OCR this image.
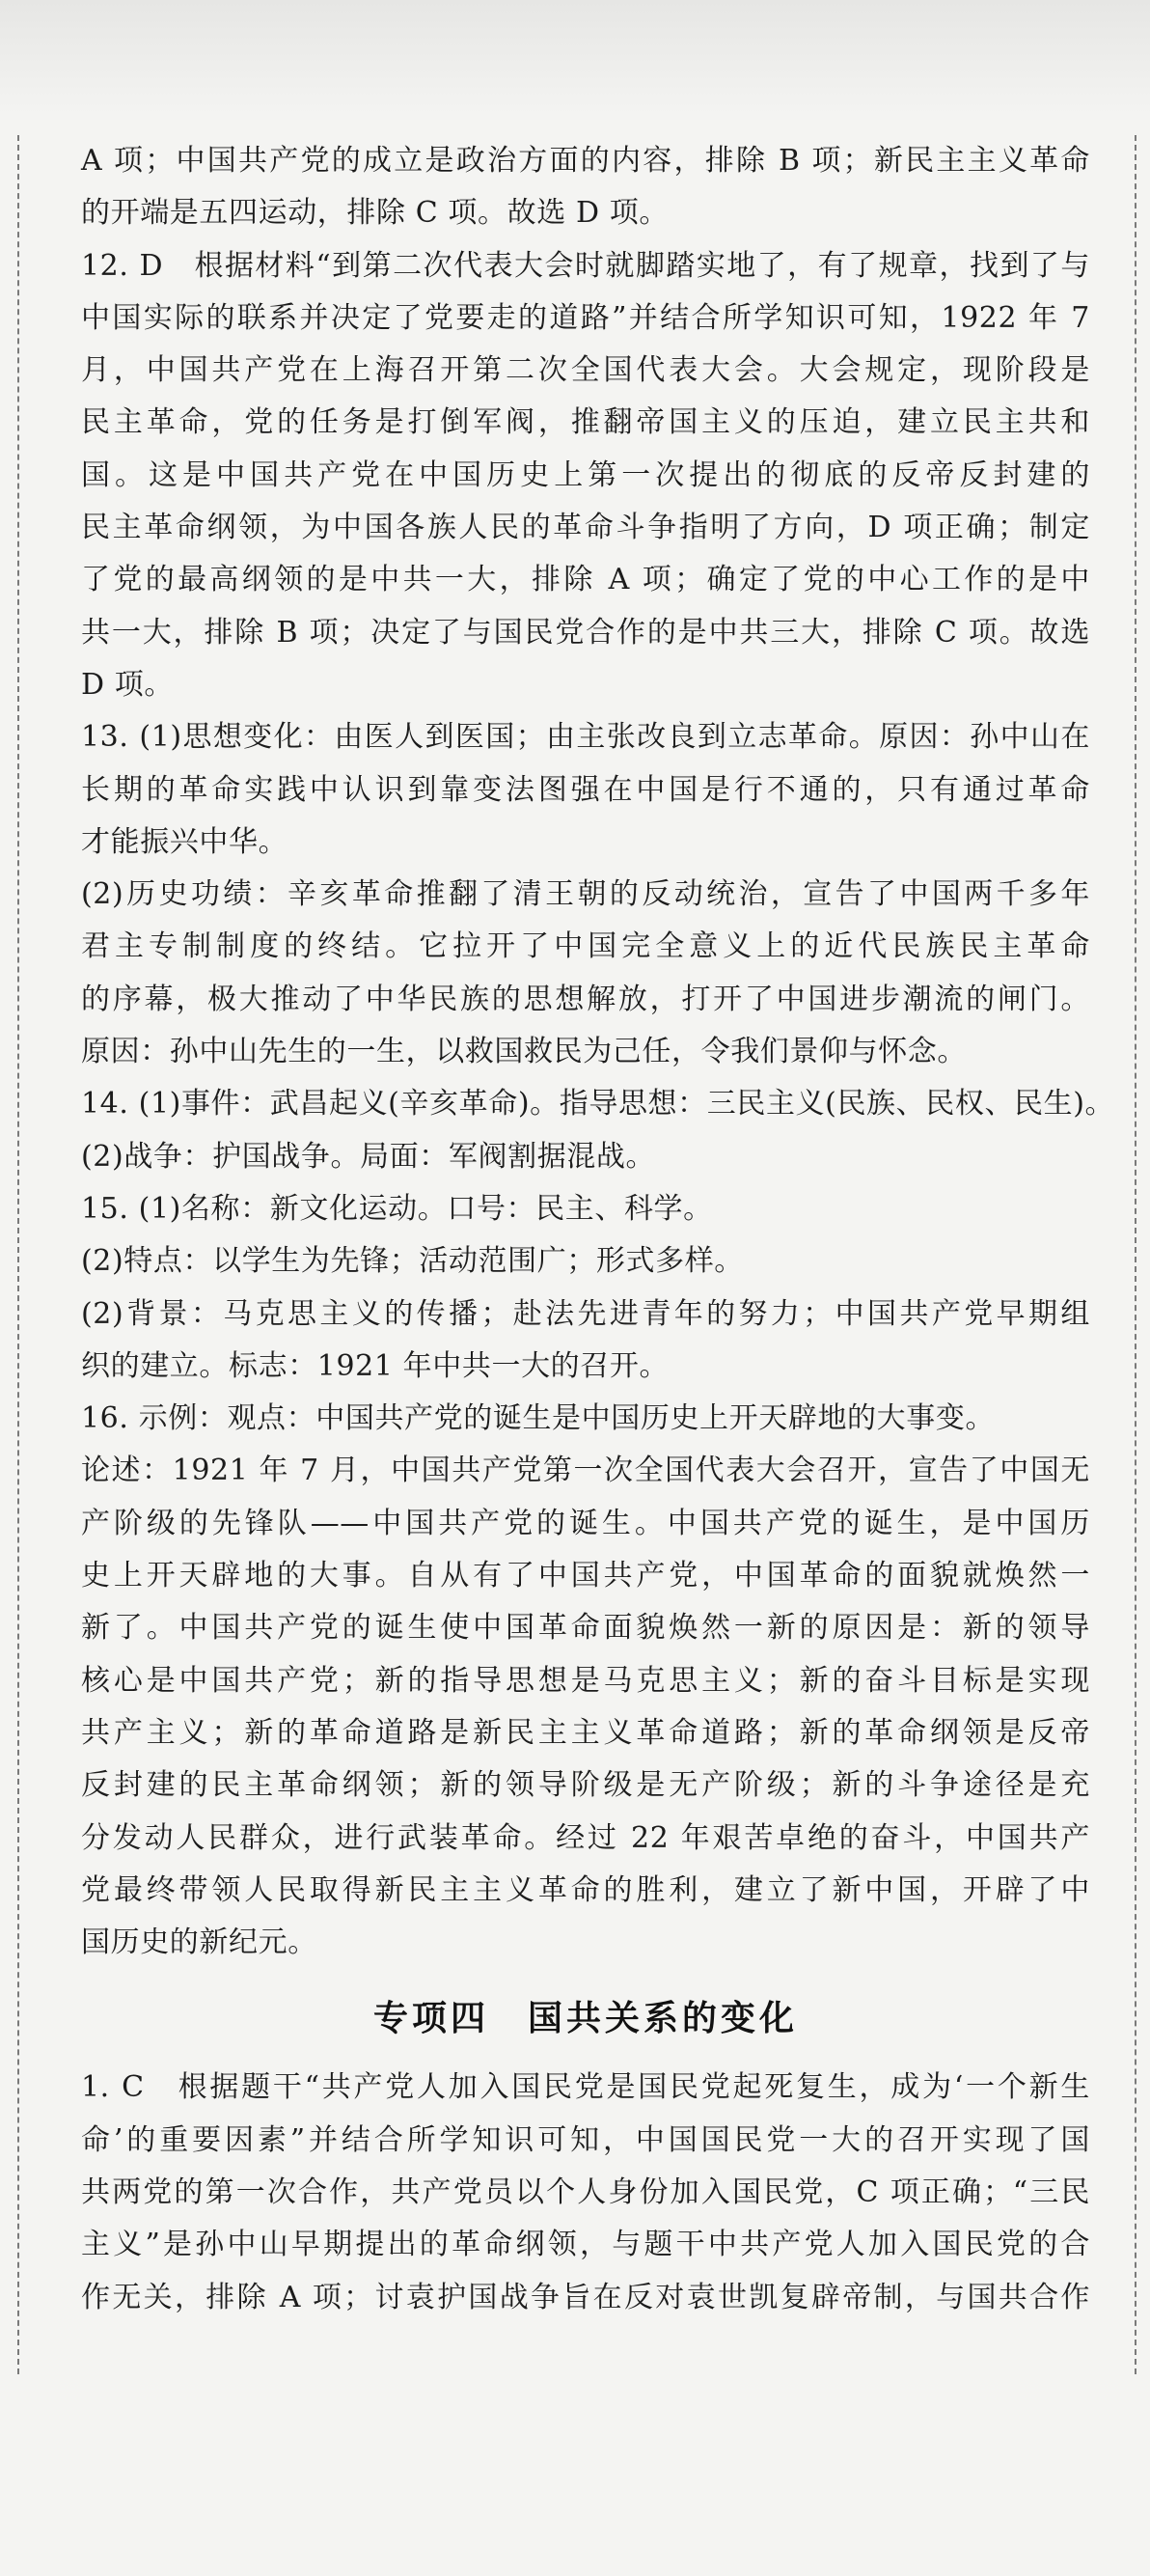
A 项；中国共产党的成立是政治方面的内容，排除 B 项；新民主主义革命
的开端是五四运动，排除 C 项。故选 D 项。
12. D　根据材料“到第二次代表大会时就脚踏实地了，有了规章，找到了与
中国实际的联系并决定了党要走的道路”并结合所学知识可知，1922 年 7
月，中国共产党在上海召开第二次全国代表大会。大会规定，现阶段是
民主革命，党的任务是打倒军阀，推翻帝国主义的压迫，建立民主共和
国。这是中国共产党在中国历史上第一次提出的彻底的反帝反封建的
民主革命纲领，为中国各族人民的革命斗争指明了方向，D 项正确；制定
了党的最高纲领的是中共一大，排除 A 项；确定了党的中心工作的是中
共一大，排除 B 项；决定了与国民党合作的是中共三大，排除 C 项。故选
D 项。
13. (1)思想变化：由医人到医国；由主张改良到立志革命。原因：孙中山在
长期的革命实践中认识到靠变法图强在中国是行不通的，只有通过革命
才能振兴中华。
(2)历史功绩：辛亥革命推翻了清王朝的反动统治，宣告了中国两千多年
君主专制制度的终结。它拉开了中国完全意义上的近代民族民主革命
的序幕，极大推动了中华民族的思想解放，打开了中国进步潮流的闸门。
原因：孙中山先生的一生，以救国救民为己任，令我们景仰与怀念。
14. (1)事件：武昌起义(辛亥革命)。指导思想：三民主义(民族、民权、民生)。
(2)战争：护国战争。局面：军阀割据混战。
15. (1)名称：新文化运动。口号：民主、科学。
(2)特点：以学生为先锋；活动范围广；形式多样。
(2)背景：马克思主义的传播；赴法先进青年的努力；中国共产党早期组
织的建立。标志：1921 年中共一大的召开。
16. 示例：观点：中国共产党的诞生是中国历史上开天辟地的大事变。
论述：1921 年 7 月，中国共产党第一次全国代表大会召开，宣告了中国无
产阶级的先锋队——中国共产党的诞生。中国共产党的诞生，是中国历
史上开天辟地的大事。自从有了中国共产党，中国革命的面貌就焕然一
新了。中国共产党的诞生使中国革命面貌焕然一新的原因是：新的领导
核心是中国共产党；新的指导思想是马克思主义；新的奋斗目标是实现
共产主义；新的革命道路是新民主主义革命道路；新的革命纲领是反帝
反封建的民主革命纲领；新的领导阶级是无产阶级；新的斗争途径是充
分发动人民群众，进行武装革命。经过 22 年艰苦卓绝的奋斗，中国共产
党最终带领人民取得新民主主义革命的胜利，建立了新中国，开辟了中
国历史的新纪元。
专项四　国共关系的变化
1. C　根据题干“共产党人加入国民党是国民党起死复生，成为‘一个新生
命’的重要因素”并结合所学知识可知，中国国民党一大的召开实现了国
共两党的第一次合作，共产党员以个人身份加入国民党，C 项正确；“三民
主义”是孙中山早期提出的革命纲领，与题干中共产党人加入国民党的合
作无关，排除 A 项；讨袁护国战争旨在反对袁世凯复辟帝制，与国共合作
